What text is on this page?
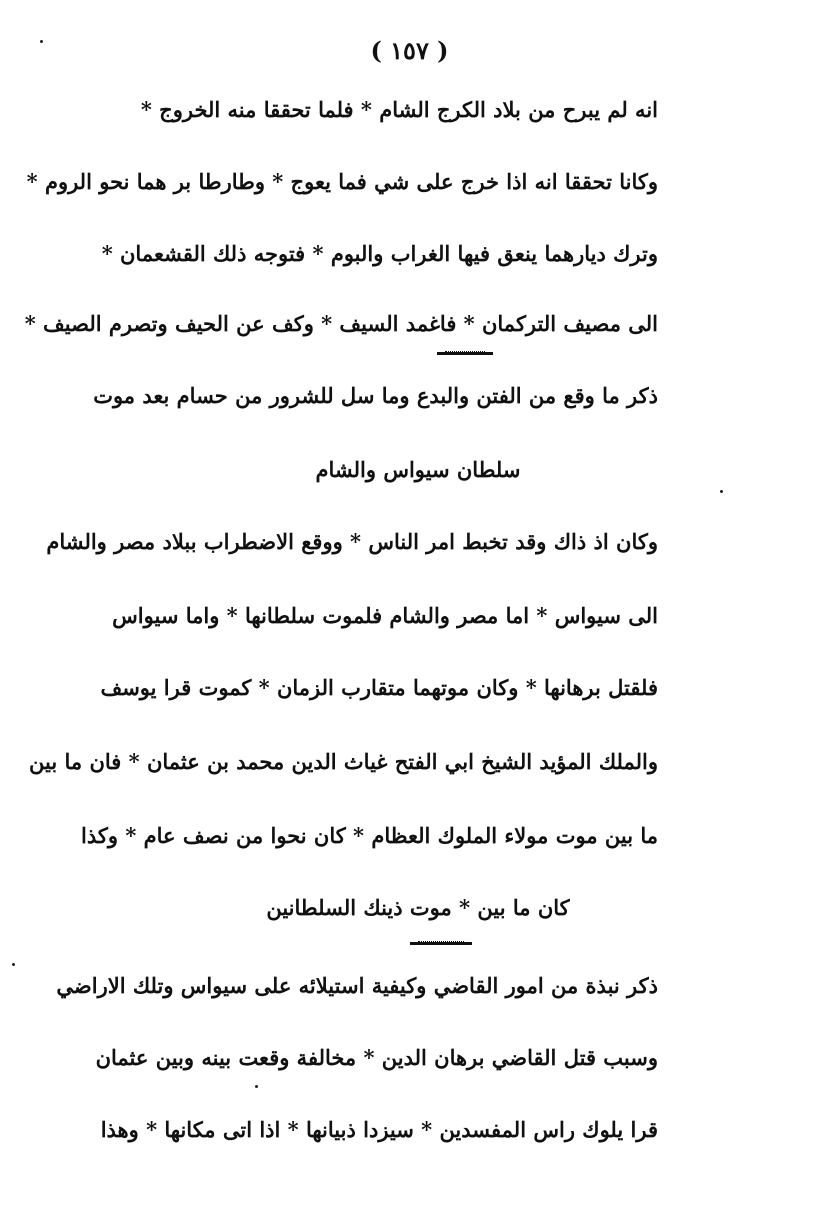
( ١٥٧ )
انه لم يبرح من بلاد الكرج الشام * فلما تحققا منه الخروج *
وكانا تحققا انه اذا خرج على شي فما يعوج * وطارطا بر هما نحو الروم *
وترك ديارهما ينعق فيها الغراب والبوم * فتوجه ذلك القشعمان *
الى مصيف التركمان * فاغمد السيف * وكف عن الحيف وتصرم الصيف *
ذكر ما وقع من الفتن والبدع وما سل للشرور من حسام بعد موت
سلطان سيواس والشام
وكان اذ ذاك وقد تخبط امر الناس * ووقع الاضطراب ببلاد مصر والشام
الى سيواس * اما مصر والشام فلموت سلطانها * واما سيواس
فلقتل برهانها * وكان موتهما متقارب الزمان * كموت قرا يوسف
والملك المؤيد الشيخ ابي الفتح غياث الدين محمد بن عثمان * فان ما بين
ما بين موت مولاء الملوك العظام * كان نحوا من نصف عام * وكذا
كان ما بين * موت ذينك السلطانين
ذكر نبذة من امور القاضي وكيفية استيلائه على سيواس وتلك الاراضي
وسبب قتل القاضي برهان الدين * مخالفة وقعت بينه وبين عثمان
قرا يلوك راس المفسدين * سيزدا ذبيانها * اذا اتى مكانها * وهذا
